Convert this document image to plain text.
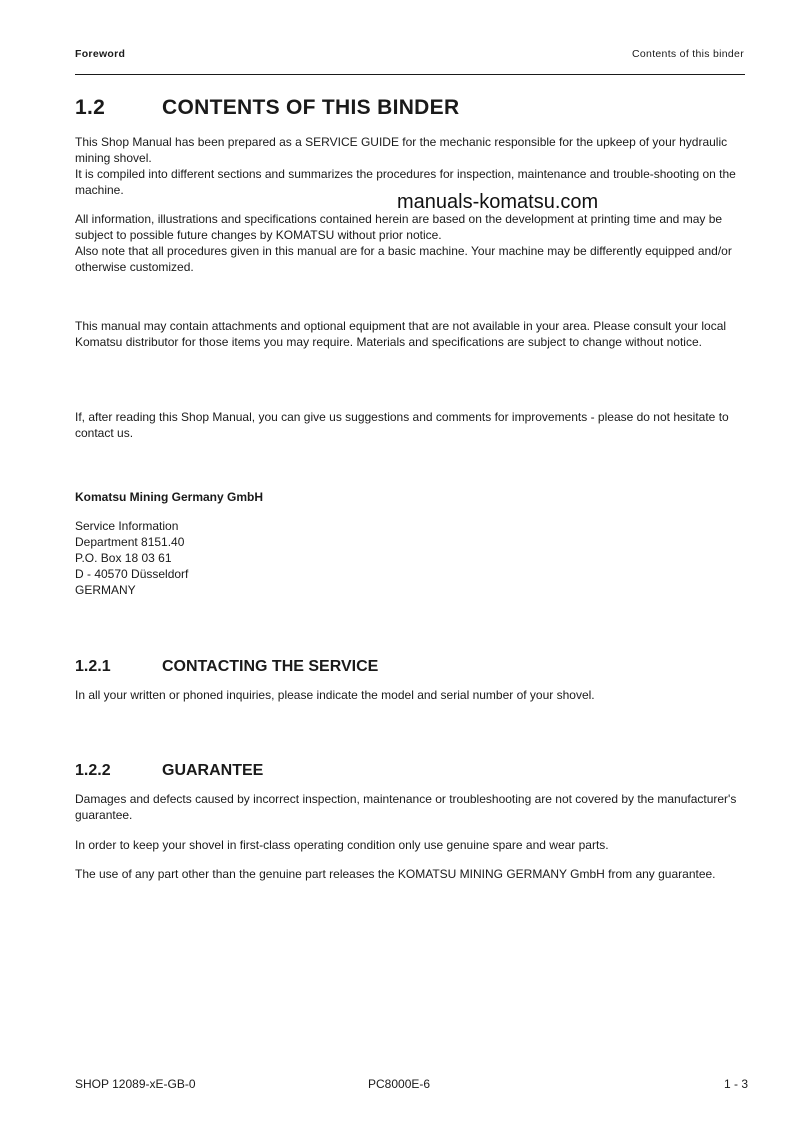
Foreword	Contents of this binder
1.2	CONTENTS OF THIS BINDER
This Shop Manual has been prepared as a SERVICE GUIDE for the mechanic responsible for the upkeep of your hydraulic mining shovel.
It is compiled into different sections and summarizes the procedures for inspection, maintenance and trouble-shooting on the machine.
All information, illustrations and specifications contained herein are based on the development at printing time and may be subject to possible future changes by KOMATSU without prior notice.
Also note that all procedures given in this manual are for a basic machine. Your machine may be differently equipped and/or otherwise customized.
manuals-komatsu.com

This manual may contain attachments and optional equipment that are not available in your area. Please consult your local Komatsu distributor for those items you may require. Materials and specifications are subject to change without notice.

If, after reading this Shop Manual, you can give us suggestions and comments for improvements - please do not hesitate to contact us.

Komatsu Mining Germany GmbH
Service Information
Department 8151.40
P.O. Box 18 03 61
D - 40570 Düsseldorf
GERMANY
1.2.1	CONTACTING THE SERVICE

In all your written or phoned inquiries, please indicate the model and serial number of your shovel.

1.2.2	GUARANTEE

Damages and defects caused by incorrect inspection, maintenance or troubleshooting are not covered by the manufacturer's guarantee.

In order to keep your shovel in first-class operating condition only use genuine spare and wear parts.

The use of any part other than the genuine part releases the KOMATSU MINING GERMANY GmbH from any guarantee.

SHOP 12089-xE-GB-0	PC8000E-6	1 - 3
